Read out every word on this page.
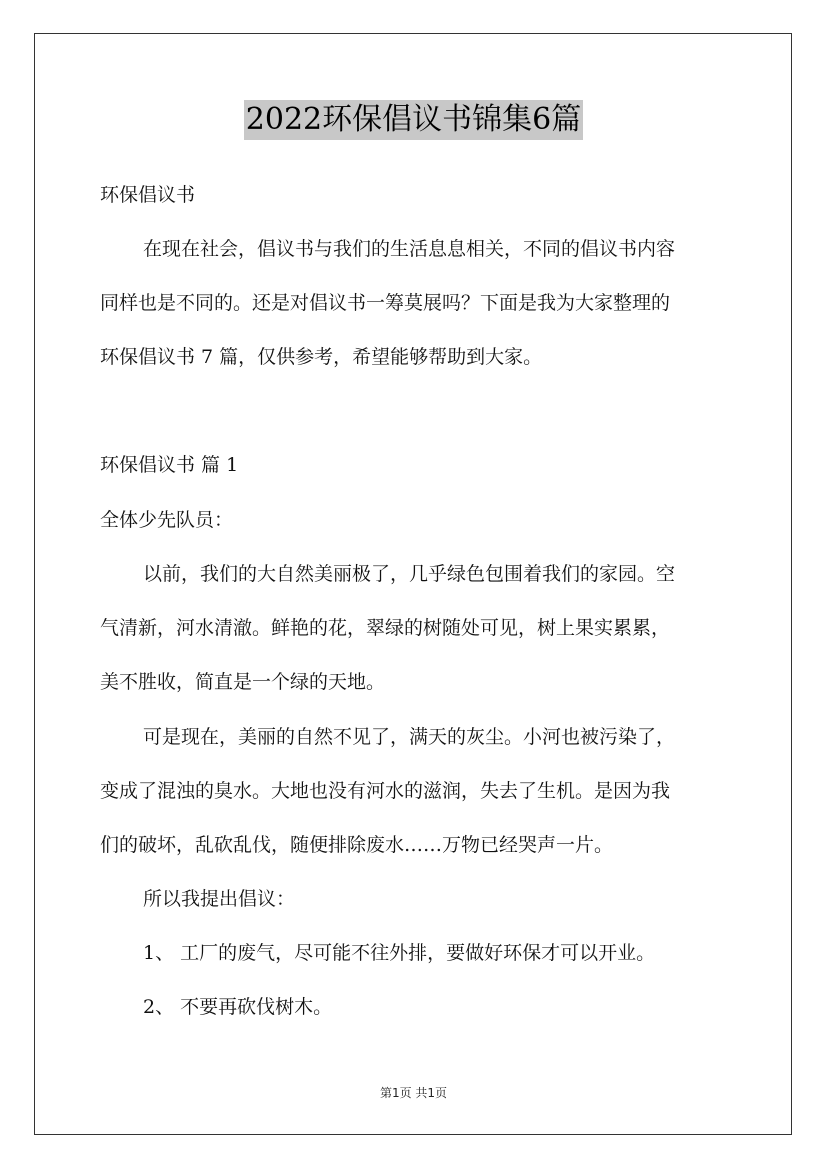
2022环保倡议书锦集6篇
环保倡议书
在现在社会，倡议书与我们的生活息息相关，不同的倡议书内容
同样也是不同的。还是对倡议书一筹莫展吗？下面是我为大家整理的
环保倡议书 7 篇，仅供参考，希望能够帮助到大家。
环保倡议书 篇 1
全体少先队员：
以前，我们的大自然美丽极了，几乎绿色包围着我们的家园。空
气清新，河水清澈。鲜艳的花，翠绿的树随处可见，树上果实累累，
美不胜收，简直是一个绿的天地。
可是现在，美丽的自然不见了，满天的灰尘。小河也被污染了，
变成了混浊的臭水。大地也没有河水的滋润，失去了生机。是因为我
们的破坏，乱砍乱伐，随便排除废水……万物已经哭声一片。
所以我提出倡议：
1、 工厂的废气，尽可能不往外排，要做好环保才可以开业。
2、 不要再砍伐树木。
第1页 共1页
